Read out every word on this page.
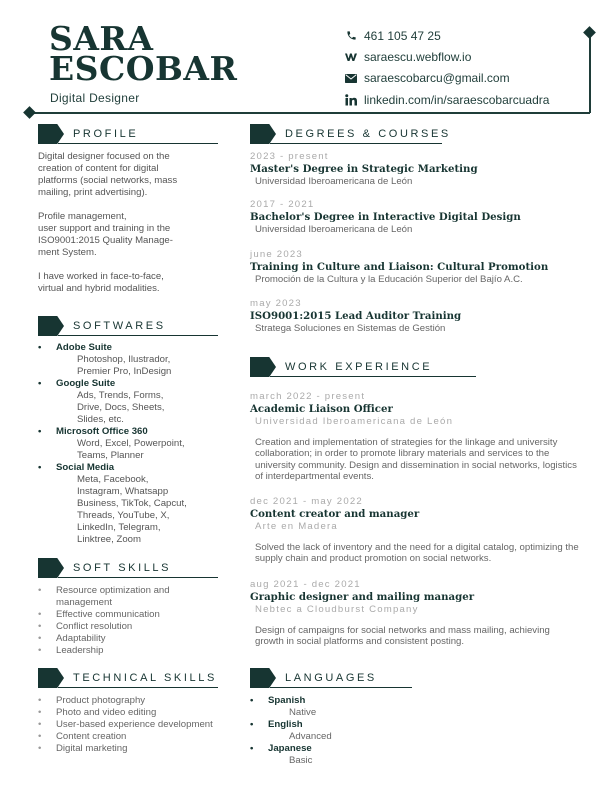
SARA
ESCOBAR
Digital Designer
461 105 47 25
saraescu.webflow.io
saraescobarcu@gmail.com
linkedin.com/in/saraescobarcuadra
PROFILE

Digital designer focused on the
creation of content for digital
platforms (social networks, mass
mailing, print advertising).

Profile management,
user support and training in the
ISO9001:2015 Quality Manage-
ment System.

I have worked in face-to-face,
virtual and hybrid modalities.

SOFTWARES
• Adobe Suite
Photoshop, Ilustrador,
Premier Pro, InDesign
• Google Suite
Ads, Trends, Forms,
Drive, Docs, Sheets,
Slides, etc.
• Microsoft Office 360
Word, Excel, Powerpoint,
Teams, Planner
• Social Media
Meta, Facebook,
Instagram, Whatsapp
Business, TikTok, Capcut,
Threads, YouTube, X,
LinkedIn, Telegram,
Linktree, Zoom
SOFT SKILLS
• Resource optimization and
management
• Effective communication
• Conflict resolution
• Adaptability
• Leadership
TECHNICAL SKILLS
• Product photography
• Photo and video editing
• User-based experience development
• Content creation
• Digital marketing
DEGREES & COURSES
2023 - present
Master's Degree in Strategic Marketing
Universidad Iberoamericana de León
2017 - 2021
Bachelor's Degree in Interactive Digital Design
Universidad Iberoamericana de León
june 2023
Training in Culture and Liaison: Cultural Promotion
Promoción de la Cultura y la Educación Superior del Bajío A.C.
may 2023
ISO9001:2015 Lead Auditor Training
Stratega Soluciones en Sistemas de Gestión
WORK EXPERIENCE
march 2022 - present
Academic Liaison Officer
Universidad Iberoamericana de León
Creation and implementation of strategies for the linkage and university collaboration; in order to promote library materials and services to the university community. Design and dissemination in social networks, logistics of interdepartmental events.
dec 2021 - may 2022
Content creator and manager
Arte en Madera
Solved the lack of inventory and the need for a digital catalog, optimizing the supply chain and product promotion on social networks.
aug 2021 - dec 2021
Graphic designer and mailing manager
Nebtec a Cloudburst Company
Design of campaigns for social networks and mass mailing, achieving growth in social platforms and consistent posting.
LANGUAGES
• Spanish
Native
• English
Advanced
• Japanese
Basic
